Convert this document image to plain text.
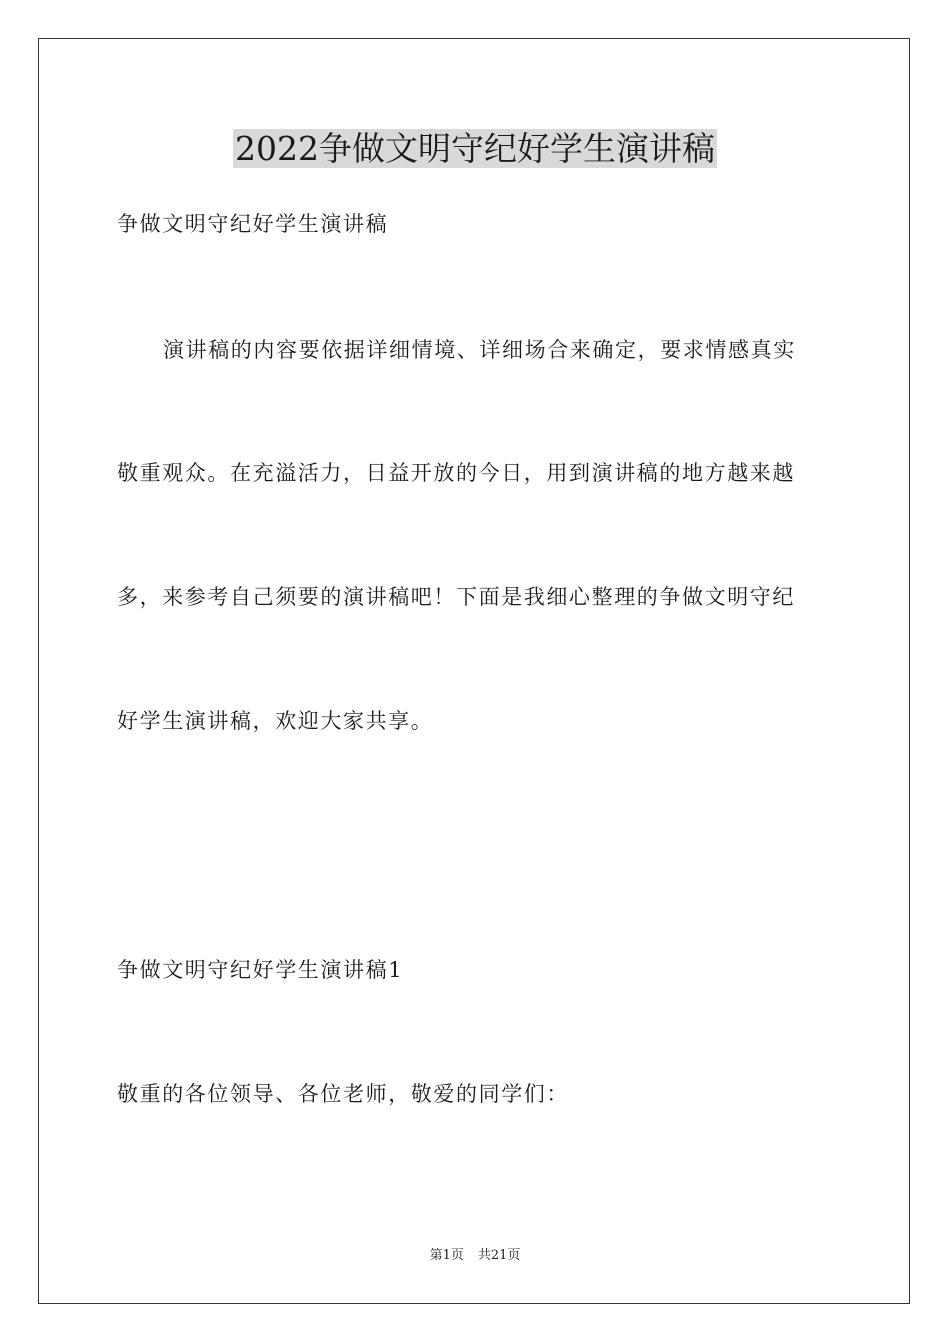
2022争做文明守纪好学生演讲稿

争做文明守纪好学生演讲稿

演讲稿的内容要依据详细情境、详细场合来确定，要求情感真实

敬重观众。在充溢活力，日益开放的今日，用到演讲稿的地方越来越

多，来参考自己须要的演讲稿吧！下面是我细心整理的争做文明守纪

好学生演讲稿，欢迎大家共享。

争做文明守纪好学生演讲稿1

敬重的各位领导、各位老师，敬爱的同学们：

第1页 共21页
